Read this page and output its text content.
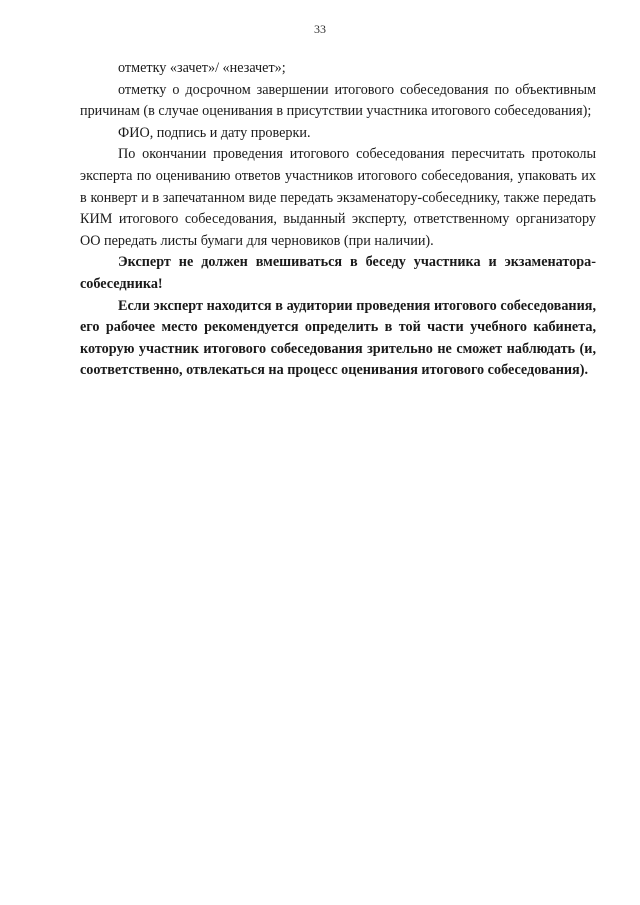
33

отметку «зачет»/ «незачет»;

отметку о досрочном завершении итогового собеседования по объективным причинам (в случае оценивания в присутствии участника итогового собеседования);

ФИО, подпись и дату проверки.

По окончании проведения итогового собеседования пересчитать протоколы эксперта по оцениванию ответов участников итогового собеседования, упаковать их в конверт и в запечатанном виде передать экзаменатору-собеседнику, также передать КИМ итогового собеседования, выданный эксперту, ответственному организатору ОО передать листы бумаги для черновиков (при наличии).

Эксперт не должен вмешиваться в беседу участника и экзаменатора-собеседника!

Если эксперт находится в аудитории проведения итогового собеседования, его рабочее место рекомендуется определить в той части учебного кабинета, которую участник итогового собеседования зрительно не сможет наблюдать (и, соответственно, отвлекаться на процесс оценивания итогового собеседования).
